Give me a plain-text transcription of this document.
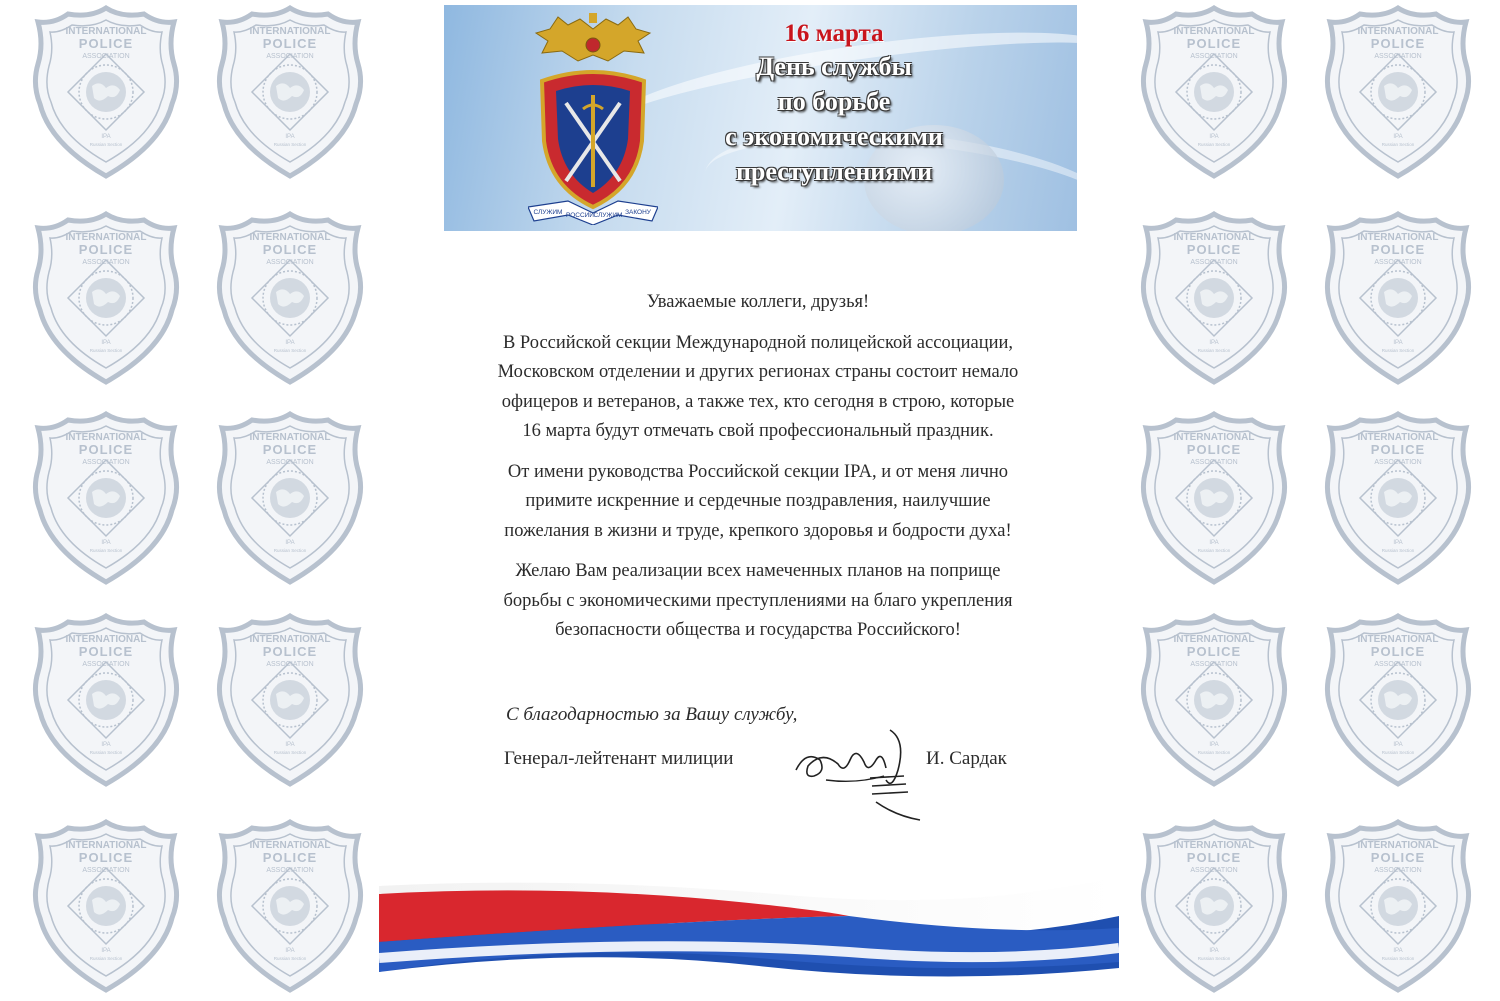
INTERNATIONAL
POLICE
ASSOCIATION
IPA
Russian Section
INTERNATIONAL
POLICE
ASSOCIATION
IPA
Russian Section
INTERNATIONAL
POLICE
ASSOCIATION
IPA
Russian Section
INTERNATIONAL
POLICE
ASSOCIATION
IPA
Russian Section
INTERNATIONAL
POLICE
ASSOCIATION
IPA
Russian Section
INTERNATIONAL
POLICE
ASSOCIATION
IPA
Russian Section
INTERNATIONAL
POLICE
ASSOCIATION
IPA
Russian Section
INTERNATIONAL
POLICE
ASSOCIATION
IPA
Russian Section
INTERNATIONAL
POLICE
ASSOCIATION
IPA
Russian Section
INTERNATIONAL
POLICE
ASSOCIATION
IPA
Russian Section
INTERNATIONAL
POLICE
ASSOCIATION
IPA
Russian Section
INTERNATIONAL
POLICE
ASSOCIATION
IPA
Russian Section
INTERNATIONAL
POLICE
ASSOCIATION
IPA
Russian Section
INTERNATIONAL
POLICE
ASSOCIATION
IPA
Russian Section
INTERNATIONAL
POLICE
ASSOCIATION
IPA
Russian Section
INTERNATIONAL
POLICE
ASSOCIATION
IPA
Russian Section
INTERNATIONAL
POLICE
ASSOCIATION
IPA
Russian Section
INTERNATIONAL
POLICE
ASSOCIATION
IPA
Russian Section
INTERNATIONAL
POLICE
ASSOCIATION
IPA
Russian Section
INTERNATIONAL
POLICE
ASSOCIATION
IPA
Russian Section
СЛУЖИМ РОССИИ СЛУЖИМ ЗАКОНУ
16 марта
День службы
по борьбе
с экономическими
преступлениями

Уважаемые коллеги, друзья!

В Российской секции Международной полицейской ассоциации,
Московском отделении и других регионах страны состоит немало
офицеров и ветеранов, а также тех, кто сегодня в строю, которые
16 марта будут отмечать свой профессиональный праздник.

От имени руководства Российской секции IPA, и от меня лично
примите искренние и сердечные поздравления, наилучшие
пожелания в жизни и труде, крепкого здоровья и бодрости духа!

Желаю Вам реализации всех намеченных планов на поприще
борьбы с экономическими преступлениями на благо укрепления
безопасности общества и государства Российского!

С благодарностью за Вашу службу,
Генерал-лейтенант милиции	И. Сардак
